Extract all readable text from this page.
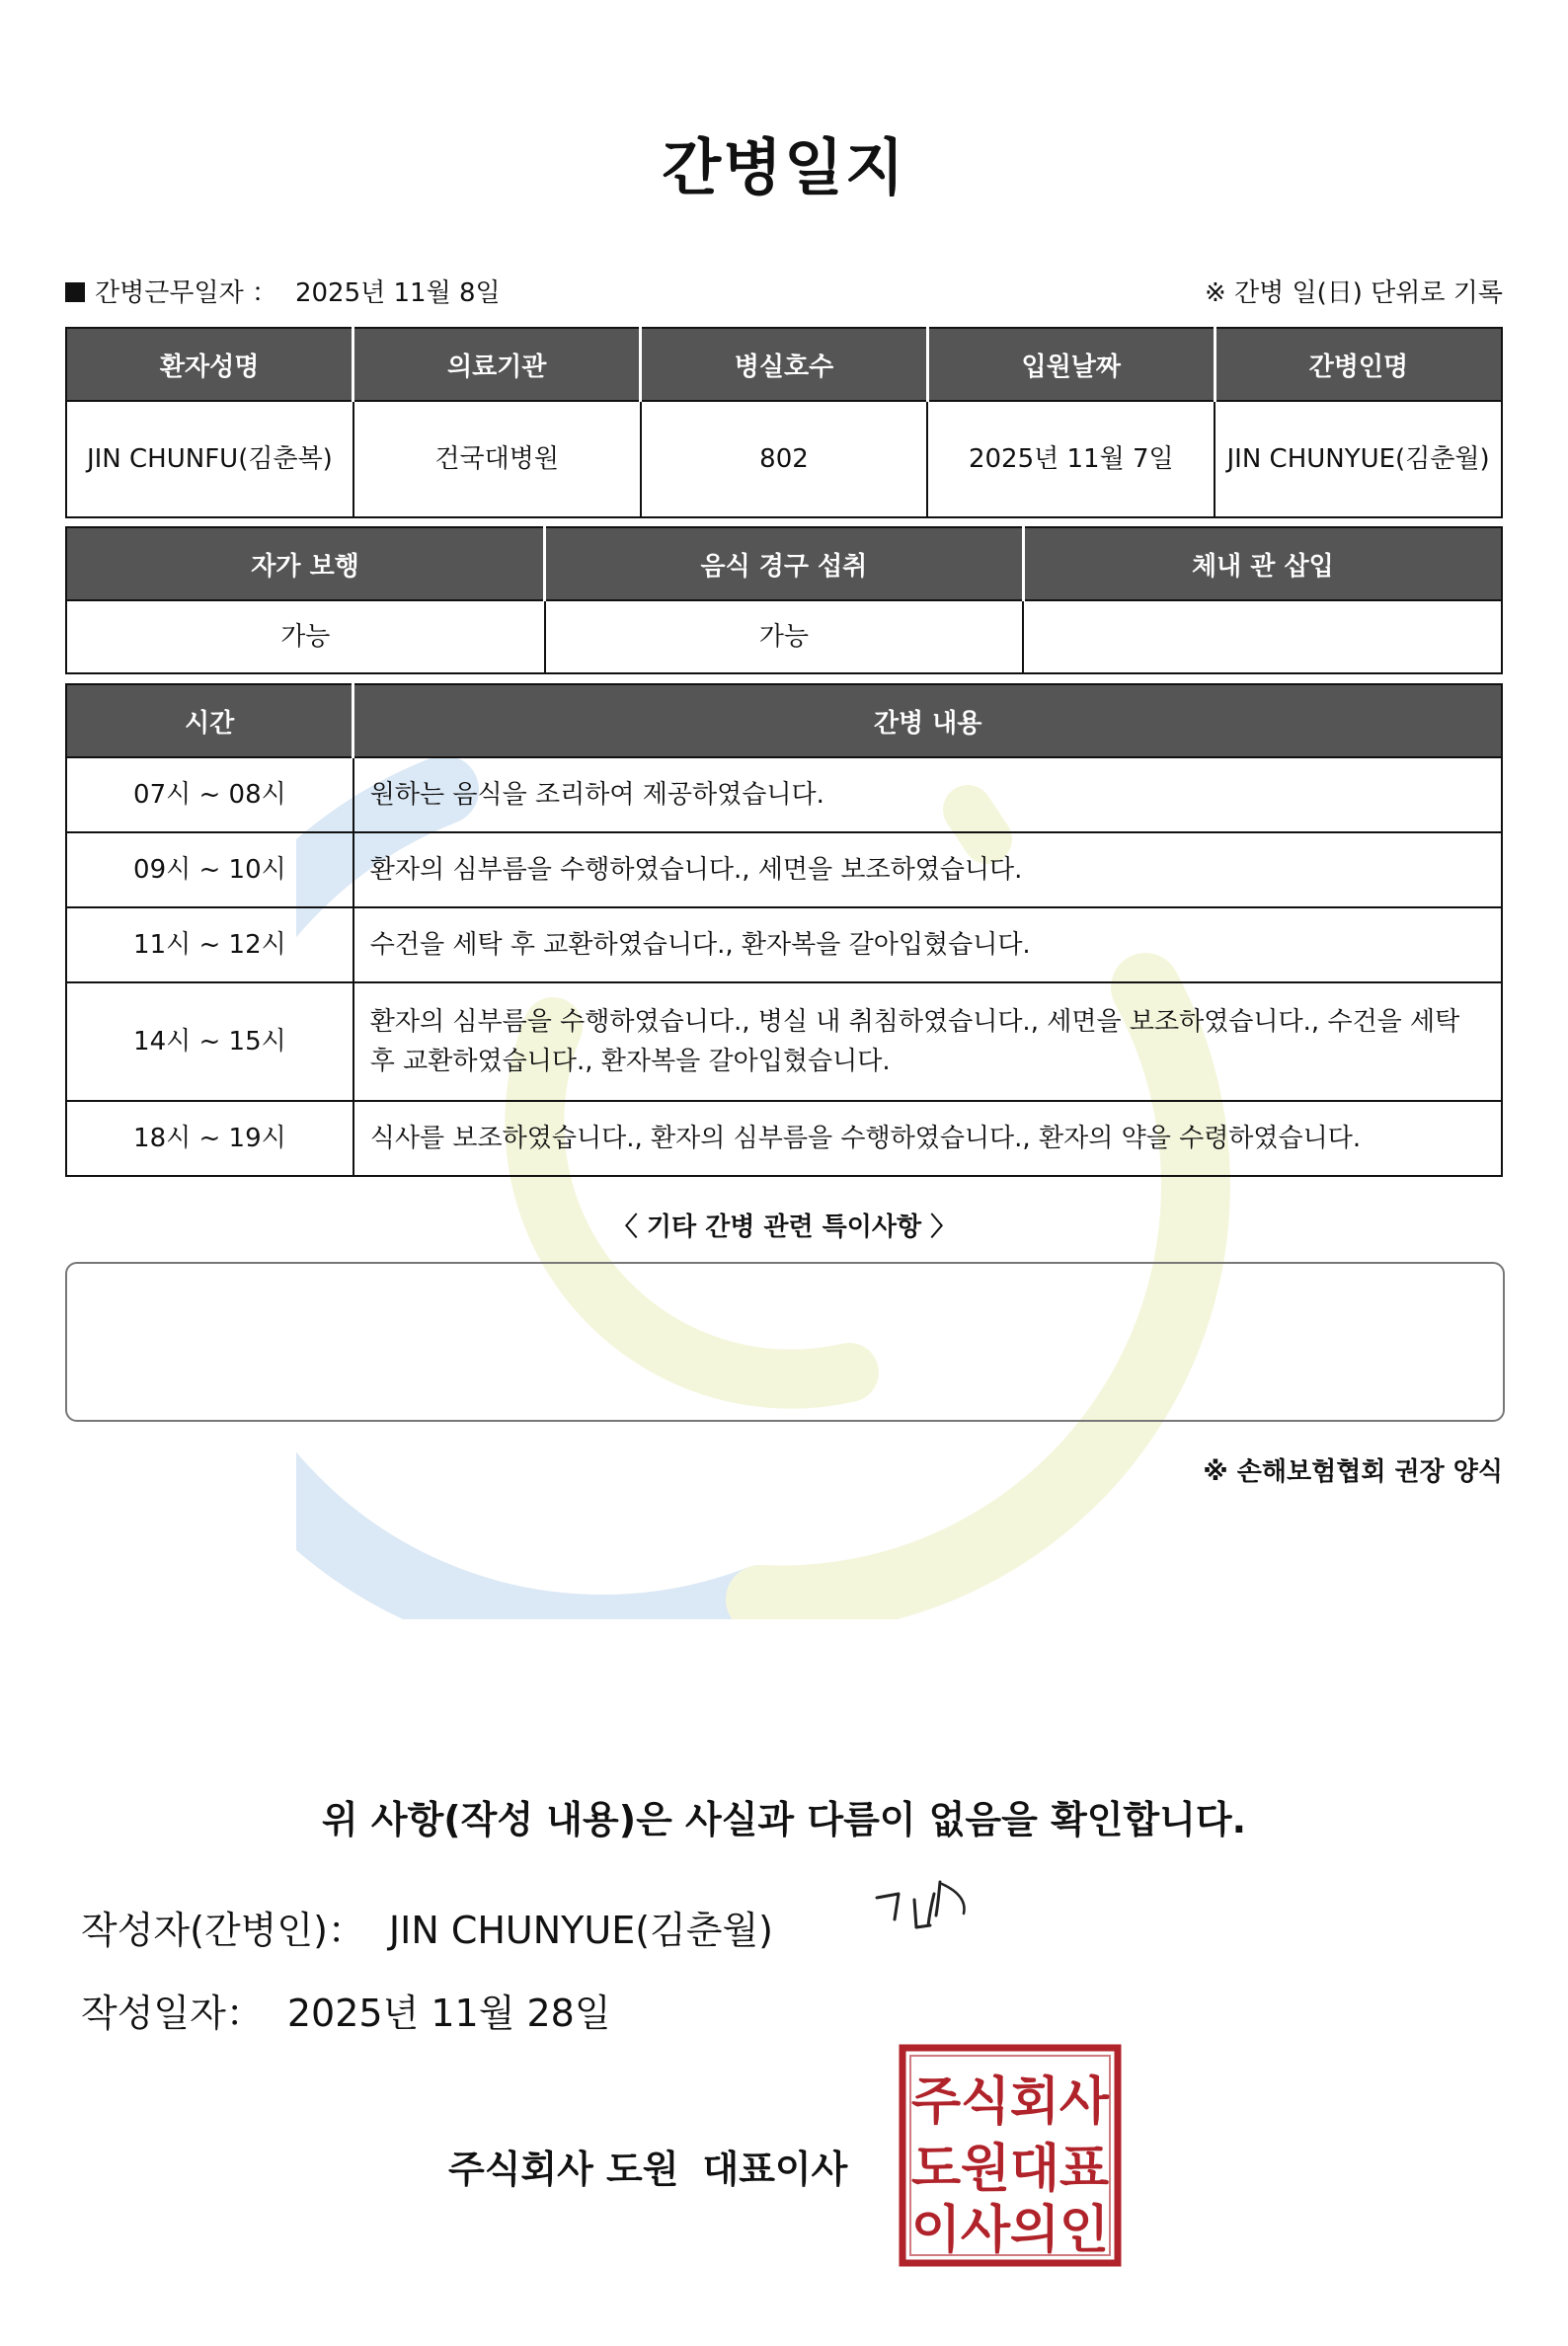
간병일지
간병근무일자 ： 2025년 11월 8일	※ 간병 일(日) 단위로 기록
환자성명	의료기관	병실호수	입원날짜	간병인명
JIN CHUNFU(김춘복)	건국대병원	802	2025년 11월 7일	JIN CHUNYUE(김춘월)
자가 보행	음식 경구 섭취	체내 관 삽입
가능	가능	
시간	간병 내용
07시 ~ 08시	원하는 음식을 조리하여 제공하였습니다.
09시 ~ 10시	환자의 심부름을 수행하였습니다., 세면을 보조하였습니다.
11시 ~ 12시	수건을 세탁 후 교환하였습니다., 환자복을 갈아입혔습니다.
14시 ~ 15시	환자의 심부름을 수행하였습니다., 병실 내 취침하였습니다., 세면을 보조하였습니다., 수건을 세탁 후 교환하였습니다., 환자복을 갈아입혔습니다.
18시 ~ 19시	식사를 보조하였습니다., 환자의 심부름을 수행하였습니다., 환자의 약을 수령하였습니다.
〈 기타 간병 관련 특이사항 〉
※ 손해보험협회 권장 양식
위 사항(작성 내용)은 사실과 다름이 없음을 확인합니다.
작성자(간병인)： JIN CHUNYUE(김춘월)
작성일자： 2025년 11월 28일
주식회사 도원 대표이사
주 식 회 사
도 원 대 표
이 사 의 인
